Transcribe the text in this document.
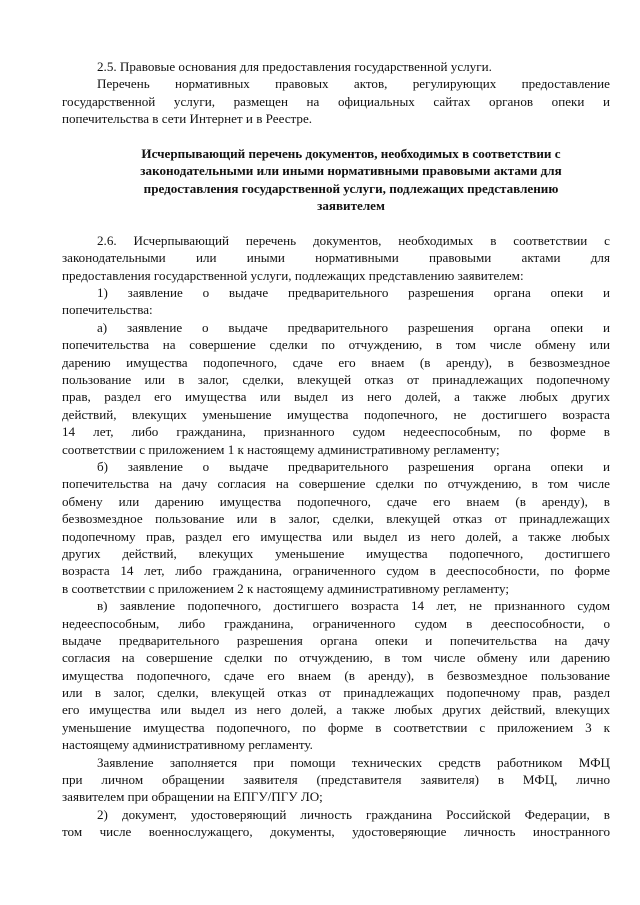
2.5. Правовые основания для предоставления государственной услуги.
Перечень нормативных правовых актов, регулирующих предоставление
государственной услуги, размещен на официальных сайтах органов опеки и
попечительства в сети Интернет и в Реестре.
Исчерпывающий перечень документов, необходимых в соответствии с
законодательными или иными нормативными правовыми актами для
предоставления государственной услуги, подлежащих представлению
заявителем
2.6. Исчерпывающий перечень документов, необходимых в соответствии с
законодательными или иными нормативными правовыми актами для
предоставления государственной услуги, подлежащих представлению заявителем:
1) заявление о выдаче предварительного разрешения органа опеки и
попечительства:
а) заявление о выдаче предварительного разрешения органа опеки и
попечительства на совершение сделки по отчуждению, в том числе обмену или
дарению имущества подопечного, сдаче его внаем (в аренду), в безвозмездное
пользование или в залог, сделки, влекущей отказ от принадлежащих подопечному
прав, раздел его имущества или выдел из него долей, а также любых других
действий, влекущих уменьшение имущества подопечного, не достигшего возраста
14 лет, либо гражданина, признанного судом недееспособным, по форме в
соответствии с приложением 1 к настоящему административному регламенту;
б) заявление о выдаче предварительного разрешения органа опеки и
попечительства на дачу согласия на совершение сделки по отчуждению, в том числе
обмену или дарению имущества подопечного, сдаче его внаем (в аренду), в
безвозмездное пользование или в залог, сделки, влекущей отказ от принадлежащих
подопечному прав, раздел его имущества или выдел из него долей, а также любых
других действий, влекущих уменьшение имущества подопечного, достигшего
возраста 14 лет, либо гражданина, ограниченного судом в дееспособности, по форме
в соответствии с приложением 2 к настоящему административному регламенту;
в) заявление подопечного, достигшего возраста 14 лет, не признанного судом
недееспособным, либо гражданина, ограниченного судом в дееспособности, о
выдаче предварительного разрешения органа опеки и попечительства на дачу
согласия на совершение сделки по отчуждению, в том числе обмену или дарению
имущества подопечного, сдаче его внаем (в аренду), в безвозмездное пользование
или в залог, сделки, влекущей отказ от принадлежащих подопечному прав, раздел
его имущества или выдел из него долей, а также любых других действий, влекущих
уменьшение имущества подопечного, по форме в соответствии с приложением 3 к
настоящему административному регламенту.
Заявление заполняется при помощи технических средств работником МФЦ
при личном обращении заявителя (представителя заявителя) в МФЦ, лично
заявителем при обращении на ЕПГУ/ПГУ ЛО;
2) документ, удостоверяющий личность гражданина Российской Федерации, в
том числе военнослужащего, документы, удостоверяющие личность иностранного
